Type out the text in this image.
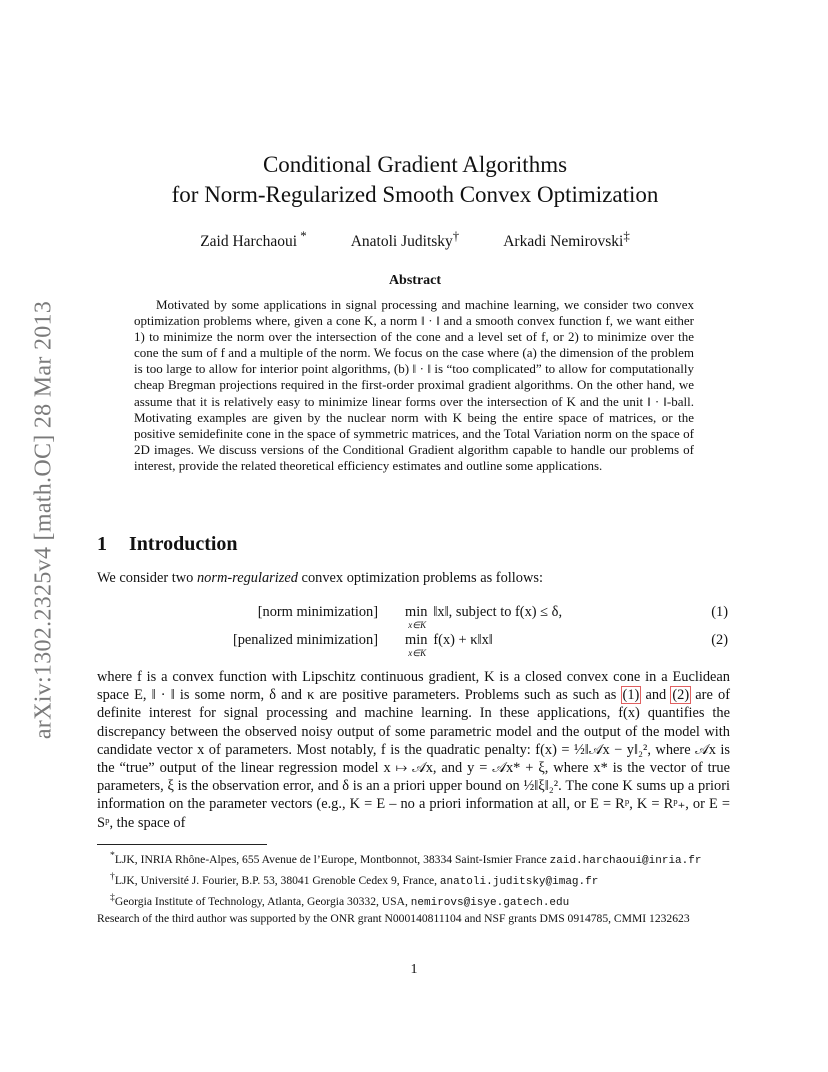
arXiv:1302.2325v4 [math.OC] 28 Mar 2013
Conditional Gradient Algorithms
for Norm-Regularized Smooth Convex Optimization
Zaid Harchaoui *	Anatoli Juditsky†	Arkadi Nemirovski‡
Abstract

Motivated by some applications in signal processing and machine learning, we consider two convex optimization problems where, given a cone K, a norm ‖ · ‖ and a smooth convex function f, we want either 1) to minimize the norm over the intersection of the cone and a level set of f, or 2) to minimize over the cone the sum of f and a multiple of the norm. We focus on the case where (a) the dimension of the problem is too large to allow for interior point algorithms, (b) ‖ · ‖ is “too complicated” to allow for computationally cheap Bregman projections required in the first-order proximal gradient algorithms. On the other hand, we assume that it is relatively easy to minimize linear forms over the intersection of K and the unit ‖ · ‖-ball. Motivating examples are given by the nuclear norm with K being the entire space of matrices, or the positive semidefinite cone in the space of symmetric matrices, and the Total Variation norm on the space of 2D images. We discuss versions of the Conditional Gradient algorithm capable to handle our problems of interest, provide the related theoretical efficiency estimates and outline some applications.

1 Introduction
We consider two norm-regularized convex optimization problems as follows:
[norm minimization] min
x∈K
‖x‖, subject to f(x) ≤ δ,	(1)
[penalized minimization] min
x∈K
f(x) + κ‖x‖	(2)

where f is a convex function with Lipschitz continuous gradient, K is a closed convex cone in a Euclidean space E, ‖ · ‖ is some norm, δ and κ are positive parameters. Problems such as such as (1) and (2) are of definite interest for signal processing and machine learning. In these applications, f(x) quantifies the discrepancy between the observed noisy output of some parametric model and the output of the model with candidate vector x of parameters. Most notably, f is the quadratic penalty: f(x) = ½‖𝒜x − y‖₂², where 𝒜x is the “true” output of the linear regression model x ↦ 𝒜x, and y = 𝒜x* + ξ, where x* is the vector of true parameters, ξ is the observation error, and δ is an a priori upper bound on ½‖ξ‖₂². The cone K sums up a priori information on the parameter vectors (e.g., K = E – no a priori information at all, or E = Rᵖ, K = Rᵖ₊, or E = Sᵖ, the space of

*LJK, INRIA Rhône-Alpes, 655 Avenue de l’Europe, Montbonnot, 38334 Saint-Ismier France zaid.harchaoui@inria.fr

†LJK, Université J. Fourier, B.P. 53, 38041 Grenoble Cedex 9, France, anatoli.juditsky@imag.fr

‡Georgia Institute of Technology, Atlanta, Georgia 30332, USA, nemirovs@isye.gatech.edu

Research of the third author was supported by the ONR grant N000140811104 and NSF grants DMS 0914785, CMMI 1232623

1
